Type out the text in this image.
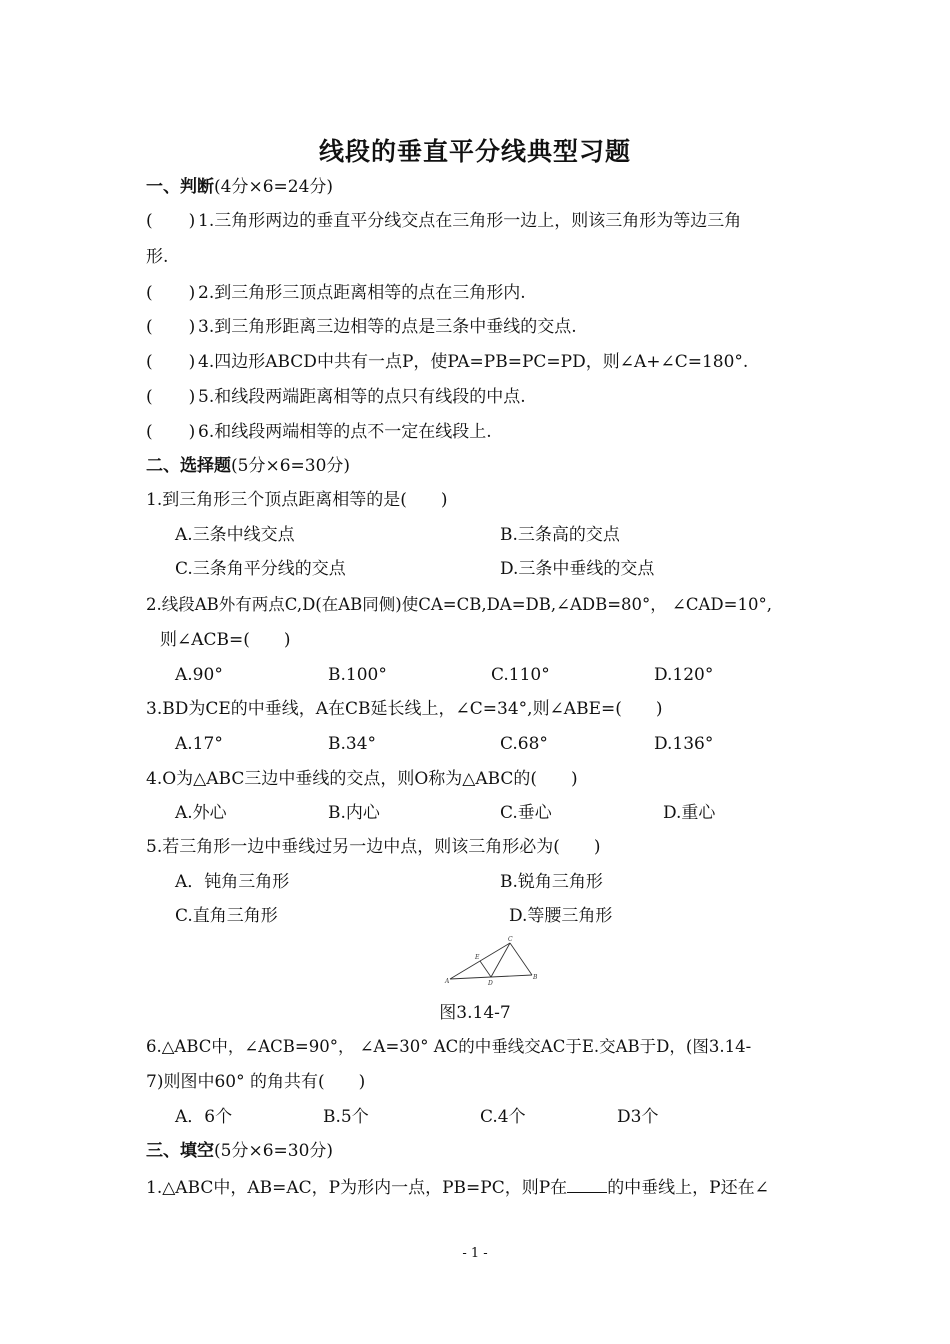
线段的垂直平分线典型习题
一、判断(4分×6=24分)
( ) 1.三角形两边的垂直平分线交点在三角形一边上，则该三角形为等边三角
形.
( ) 2.到三角形三顶点距离相等的点在三角形内.
( ) 3.到三角形距离三边相等的点是三条中垂线的交点.
( ) 4.四边形ABCD中共有一点P，使PA=PB=PC=PD，则∠A+∠C=180°.
( ) 5.和线段两端距离相等的点只有线段的中点.
( ) 6.和线段两端相等的点不一定在线段上.
二、选择题(5分×6=30分)
1.到三角形三个顶点距离相等的是(　　)
A.三条中线交点	B.三条高的交点
C.三条角平分线的交点	D.三条中垂线的交点
2.线段AB外有两点C,D(在AB同侧)使CA=CB,DA=DB,∠ADB=80°， ∠CAD=10°,
则∠ACB=(　　)
A.90°	B.100°	C.110°	D.120°
3.BD为CE的中垂线，A在CB延长线上，∠C=34°,则∠ABE=(　　)
A.17°	B.34°	C.68°	D.136°
4.O为△ABC三边中垂线的交点，则O称为△ABC的(　　)
A.外心	B.内心	C.垂心	D.重心
5.若三角形一边中垂线过另一边中点，则该三角形必为(　　)
A．钝角三角形	B.锐角三角形
C.直角三角形	D.等腰三角形
A
E
C
D
B
图3.14-7
6.△ABC中，∠ACB=90°， ∠A=30° AC的中垂线交AC于E.交AB于D，(图3.14-
7)则图中60° 的角共有(　　)
A．6个	B.5个	C.4个	D3个
三、填空(5分×6=30分)
1.△ABC中，AB=AC，P为形内一点，PB=PC，则P在 的中垂线上，P还在∠
- 1 -
